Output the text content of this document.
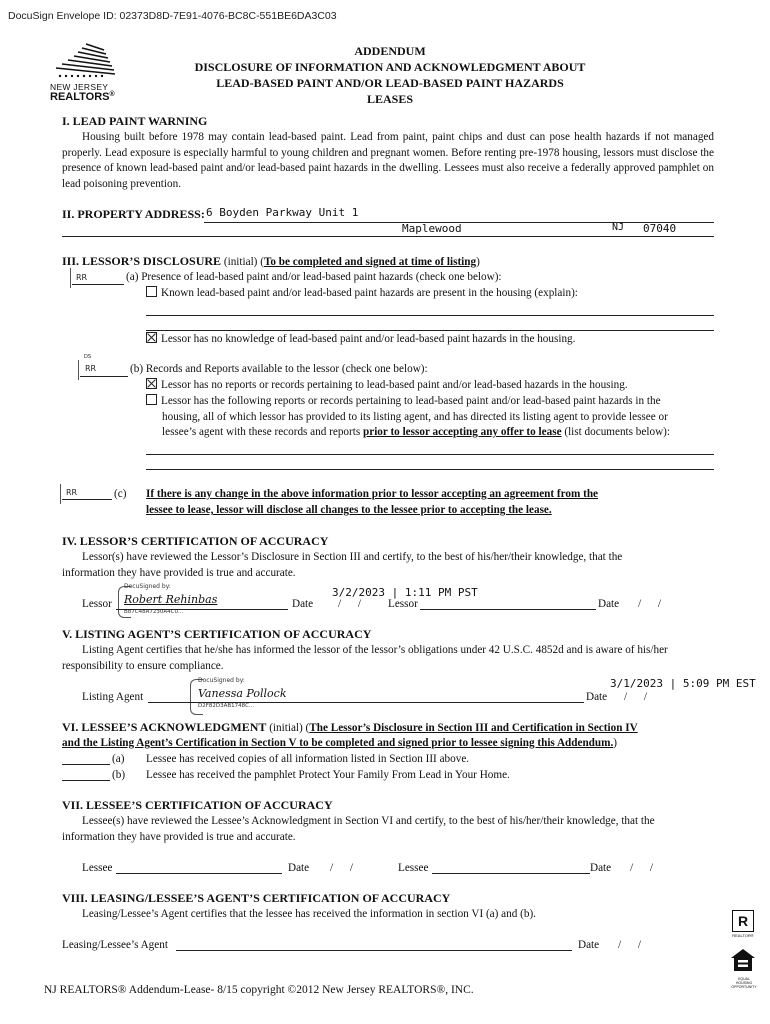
DocuSign Envelope ID: 02373D8D-7E91-4076-BC8C-551BE6DA3C03
NEW JERSEY
REALTORS®
ADDENDUM
DISCLOSURE OF INFORMATION AND ACKNOWLEDGMENT ABOUT
LEAD-BASED PAINT AND/OR LEAD-BASED PAINT HAZARDS
LEASES
I. LEAD PAINT WARNING
Housing built before 1978 may contain lead-based paint. Lead from paint, paint chips and dust can pose health hazards if not managed properly. Lead exposure is especially harmful to young children and pregnant women. Before renting pre-1978 housing, lessors must disclose the presence of known lead-based paint and/or lead-based paint hazards in the dwelling. Lessees must also receive a federally approved pamphlet on lead poisoning prevention.
II. PROPERTY ADDRESS: 6 Boyden Parkway Unit 1
Maplewood	NJ 07040
III. LESSOR’S DISCLOSURE (initial) (To be completed and signed at time of listing)
RR	(a) Presence of lead-based paint and/or lead-based paint hazards (check one below):
Known lead-based paint and/or lead-based paint hazards are present in the housing (explain):
Lessor has no knowledge of lead-based paint and/or lead-based paint hazards in the housing.
DS
RR	(b) Records and Reports available to the lessor (check one below):
Lessor has no reports or records pertaining to lead-based paint and/or lead-based hazards in the housing.
Lessor has the following reports or records pertaining to lead-based paint and/or lead-based paint hazards in the
housing, all of which lessor has provided to its listing agent, and has directed its listing agent to provide lessee or
lessee’s agent with these records and reports prior to lessor accepting any offer to lease (list documents below):
RR	(c) If there is any change in the above information prior to lessor accepting an agreement from the
lessee to lease, lessor will disclose all changes to the lessee prior to accepting the lease.
IV. LESSOR’S CERTIFICATION OF ACCURACY
Lessor(s) have reviewed the Lessor’s Disclosure in Section III and certify, to the best of his/her/their knowledge, that the
information they have provided is true and accurate.
3/2/2023 | 1:11 PM PST
Lessor
DocuSigned by:
Robert Rehinbas
B87C48A7230A4C0...
Date /      / Lessor	Date /      /
V. LISTING AGENT’S CERTIFICATION OF ACCURACY
Listing Agent certifies that he/she has informed the lessor of the lessor’s obligations under 42 U.S.C. 4852d and is aware of his/her
responsibility to ensure compliance.
3/1/2023 | 5:09 PM EST
Listing Agent
DocuSigned by:
Vanessa Pollock
D2F82D3AB1748C...
Date /      /
VI. LESSEE’S ACKNOWLEDGMENT (initial) (The Lessor’s Disclosure in Section III and Certification in Section IV
and the Listing Agent’s Certification in Section V to be completed and signed prior to lessee signing this Addendum.)
(a) Lessee has received copies of all information listed in Section III above.
(b) Lessee has received the pamphlet Protect Your Family From Lead in Your Home.
VII. LESSEE’S CERTIFICATION OF ACCURACY
Lessee(s) have reviewed the Lessee’s Acknowledgment in Section VI and certify, to the best of his/her/their knowledge, that the
information they have provided is true and accurate.
Lessee	Date /      /	Lessee	Date /      /
VIII. LEASING/LESSEE’S AGENT’S CERTIFICATION OF ACCURACY
Leasing/Lessee’s Agent certifies that the lessee has received the information in section VI (a) and (b).
Leasing/Lessee’s Agent	Date /      /
R
REALTOR®
EQUAL HOUSING OPPORTUNITY
NJ REALTORS® Addendum-Lease- 8/15 copyright ©2012 New Jersey REALTORS®, INC.
